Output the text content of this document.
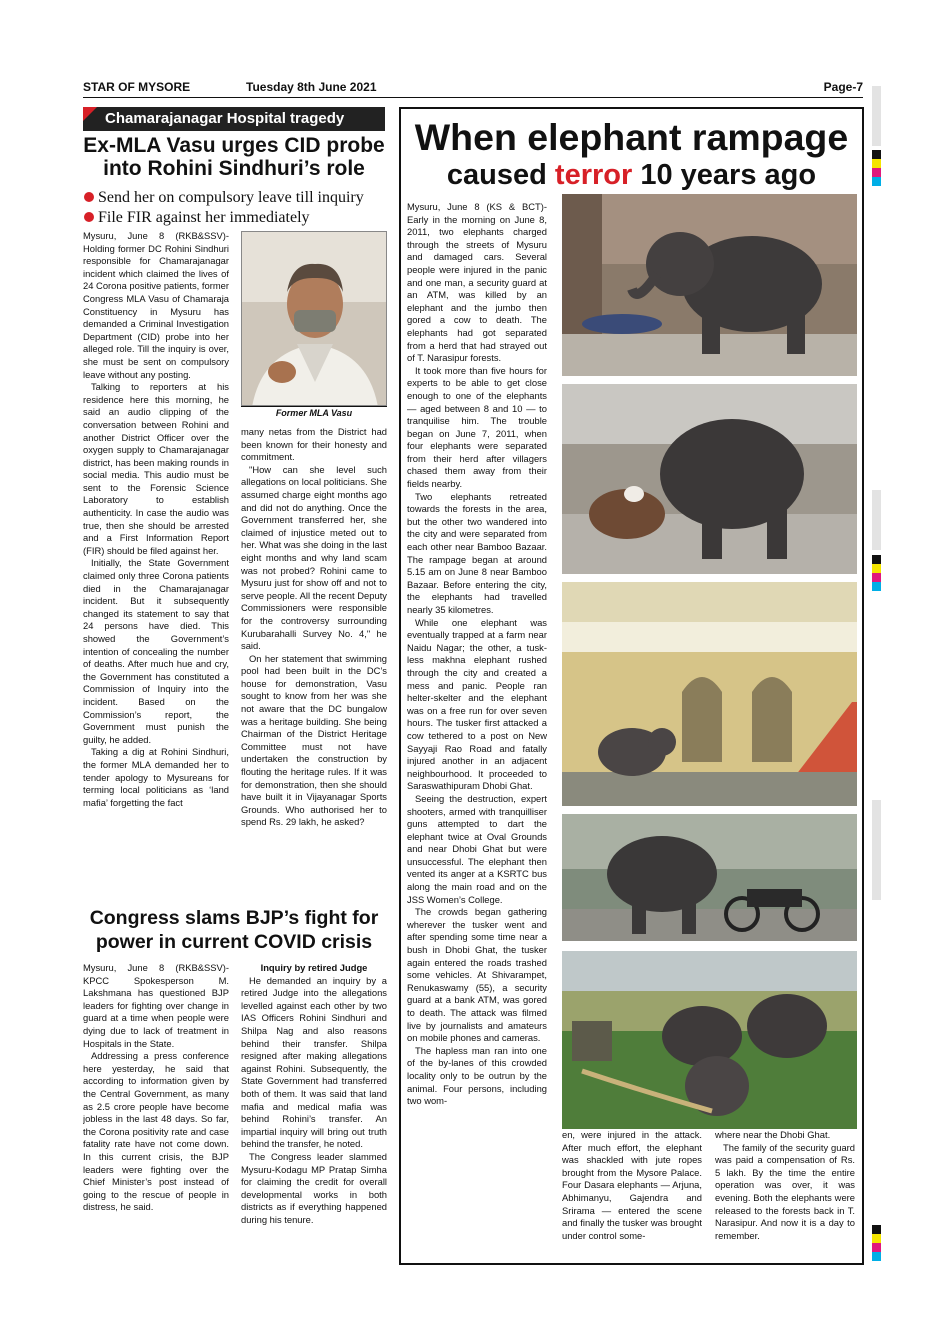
STAR OF MYSORE	Tuesday 8th June 2021	Page-7
Chamarajanagar Hospital tragedy
Ex-MLA Vasu urges CID probe
into Rohini Sindhuri’s role
Send her on compulsory leave till inquiry
File FIR against her immediately

Mysuru, June 8 (RKB&SSV)- Holding former DC Rohini Sindhuri responsible for Chamarajanagar incident which claimed the lives of 24 Corona positive patients, former Congress MLA Vasu of Chamaraja Constituency in Mysuru has demanded a Criminal Investigation Department (CID) probe into her alleged role. Till the inquiry is over, she must be sent on compulsory leave without any posting.

Talking to reporters at his residence here this morning, he said an audio clipping of the conversation between Rohini and another District Officer over the oxygen supply to Chamarajanagar district, has been making rounds in social media. This audio must be sent to the Forensic Science Laboratory to establish authenticity. In case the audio was true, then she should be arrested and a First Information Report (FIR) should be filed against her.

Initially, the State Government claimed only three Corona patients died in the Chamarajanagar incident. But it subsequently changed its statement to say that 24 persons have died. This showed the Government’s intention of concealing the number of deaths. After much hue and cry, the Government has constituted a Commission of Inquiry into the incident. Based on the Commission’s report, the Government must punish the guilty, he added.

Taking a dig at Rohini Sindhuri, the former MLA demanded her to tender apology to Mysureans for terming local politicians as ‘land mafia’ forgetting the fact

Former MLA Vasu

many netas from the District had been known for their honesty and commitment.

"How can she level such allegations on local politicians. She assumed charge eight months ago and did not do anything. Once the Government transferred her, she claimed of injustice meted out to her. What was she doing in the last eight months and why land scam was not probed? Rohini came to Mysuru just for show off and not to serve people. All the recent Deputy Commissioners were responsible for the controversy surrounding Kurubarahalli Survey No. 4," he said.

On her statement that swimming pool had been built in the DC’s house for demonstration, Vasu sought to know from her was she not aware that the DC bungalow was a heritage building. She being Chairman of the District Heritage Committee must not have undertaken the construction by flouting the heritage rules. If it was for demonstration, then she should have built it in Vijayanagar Sports Grounds. Who authorised her to spend Rs. 29 lakh, he asked?

Congress slams BJP’s fight for
power in current COVID crisis

Mysuru, June 8 (RKB&SSV)- KPCC Spokesperson M. Lakshmana has questioned BJP leaders for fighting over change in guard at a time when people were dying due to lack of treatment in Hospitals in the State.

Addressing a press conference here yesterday, he said that according to information given by the Central Government, as many as 2.5 crore people have become jobless in the last 48 days. So far, the Corona positivity rate and case fatality rate have not come down. In this current crisis, the BJP leaders were fighting over the Chief Minister’s post instead of going to the rescue of people in distress, he said.

Inquiry by retired Judge

He demanded an inquiry by a retired Judge into the allegations levelled against each other by two IAS Officers Rohini Sindhuri and Shilpa Nag and also reasons behind their transfer. Shilpa resigned after making allegations against Rohini. Subsequently, the State Government had transferred both of them. It was said that land mafia and medical mafia was behind Rohini’s transfer. An impartial inquiry will bring out truth behind the transfer, he noted.

The Congress leader slammed Mysuru-Kodagu MP Pratap Simha for claiming the credit for overall developmental works in both districts as if everything happened during his tenure.

When elephant rampage
caused terror 10 years ago

Mysuru, June 8 (KS & BCT)- Early in the morning on June 8, 2011, two elephants charged through the streets of Mysuru and damaged cars. Several people were injured in the panic and one man, a security guard at an ATM, was killed by an elephant and the jumbo then gored a cow to death. The elephants had got separated from a herd that had strayed out of T. Narasipur forests.

It took more than five hours for experts to be able to get close enough to one of the elephants — aged between 8 and 10 — to tranquilise him. The trouble began on June 7, 2011, when four elephants were separated from their herd after villagers chased them away from their fields nearby.

Two elephants retreated towards the forests in the area, but the other two wandered into the city and were separated from each other near Bamboo Bazaar. The rampage began at around 5.15 am on June 8 near Bamboo Bazaar. Before entering the city, the elephants had travelled nearly 35 kilometres.

While one elephant was eventually trapped at a farm near Naidu Nagar; the other, a tusk-less makhna elephant rushed through the city and created a mess and panic. People ran helter-skelter and the elephant was on a free run for over seven hours. The tusker first attacked a cow tethered to a post on New Sayyaji Rao Road and fatally injured another in an adjacent neighbourhood. It proceeded to Saraswathipuram Dhobi Ghat.

Seeing the destruction, expert shooters, armed with tranquilliser guns attempted to dart the elephant twice at Oval Grounds and near Dhobi Ghat but were unsuccessful. The elephant then vented its anger at a KSRTC bus along the main road and on the JSS Women’s College.

The crowds began gathering wherever the tusker went and after spending some time near a bush in Dhobi Ghat, the tusker again entered the roads trashed some vehicles. At Shivarampet, Renukaswamy (55), a security guard at a bank ATM, was gored to death. The attack was filmed live by journalists and amateurs on mobile phones and cameras.

The hapless man ran into one of the by-lanes of this crowded locality only to be outrun by the animal. Four persons, including two wom-

en, were injured in the attack. After much effort, the elephant was shackled with jute ropes brought from the Mysore Palace. Four Dasara elephants — Arjuna, Abhimanyu, Gajendra and Srirama — entered the scene and finally the tusker was brought under control some-

where near the Dhobi Ghat.

The family of the security guard was paid a compensation of Rs. 5 lakh. By the time the entire operation was over, it was evening. Both the elephants were released to the forests back in T. Narasipur. And now it is a day to remember.
